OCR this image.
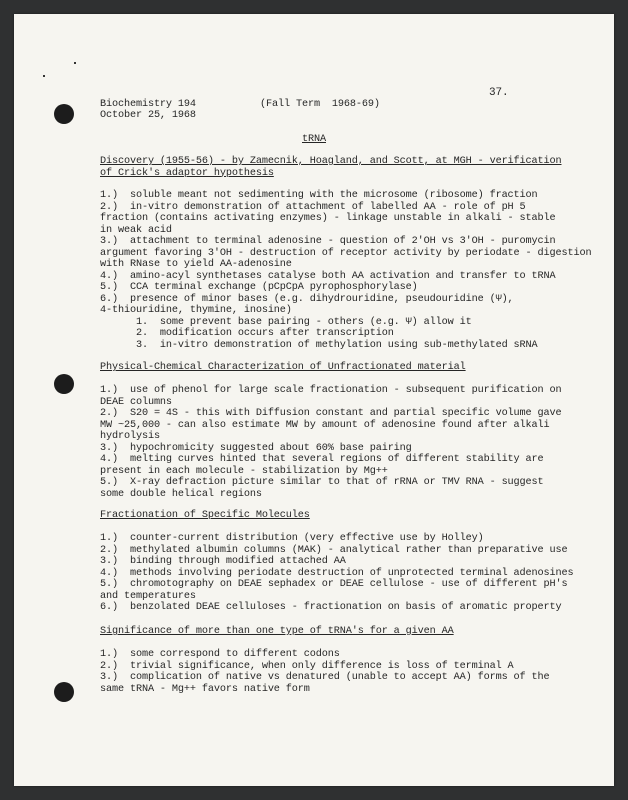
37.

Biochemistry 194	(Fall Term  1968-69)

October 25, 1968

tRNA

Discovery (1955-56) - by Zamecnik, Hoagland, and Scott, at MGH - verification

of Crick's adaptor hypothesis

1.)  soluble meant not sedimenting with the microsome (ribosome) fraction

2.)  in-vitro demonstration of attachment of labelled AA - role of pH 5

fraction (contains activating enzymes) - linkage unstable in alkali - stable

in weak acid

3.)  attachment to terminal adenosine - question of 2'OH vs 3'OH - puromycin

argument favoring 3'OH - destruction of receptor activity by periodate - digestion

with RNase to yield AA-adenosine

4.)  amino-acyl synthetases catalyse both AA activation and transfer to tRNA

5.)  CCA terminal exchange (pCpCpA pyrophosphorylase)

6.)  presence of minor bases (e.g. dihydrouridine, pseudouridine (Ψ),

4-thiouridine, thymine, inosine)

1.  some prevent base pairing - others (e.g. Ψ) allow it

2.  modification occurs after transcription

3.  in-vitro demonstration of methylation using sub-methylated sRNA

Physical-Chemical Characterization of Unfractionated material

1.)  use of phenol for large scale fractionation - subsequent purification on

DEAE columns

2.)  S20 = 4S - this with Diffusion constant and partial specific volume gave

MW ~25,000 - can also estimate MW by amount of adenosine found after alkali

hydrolysis

3.)  hypochromicity suggested about 60% base pairing

4.)  melting curves hinted that several regions of different stability are

present in each molecule - stabilization by Mg++

5.)  X-ray defraction picture similar to that of rRNA or TMV RNA - suggest

some double helical regions

Fractionation of Specific Molecules

1.)  counter-current distribution (very effective use by Holley)

2.)  methylated albumin columns (MAK) - analytical rather than preparative use

3.)  binding through modified attached AA

4.)  methods involving periodate destruction of unprotected terminal adenosines

5.)  chromotography on DEAE sephadex or DEAE cellulose - use of different pH's

and temperatures

6.)  benzolated DEAE celluloses - fractionation on basis of aromatic property

Significance of more than one type of tRNA's for a given AA

1.)  some correspond to different codons

2.)  trivial significance, when only difference is loss of terminal A

3.)  complication of native vs denatured (unable to accept AA) forms of the

same tRNA - Mg++ favors native form
